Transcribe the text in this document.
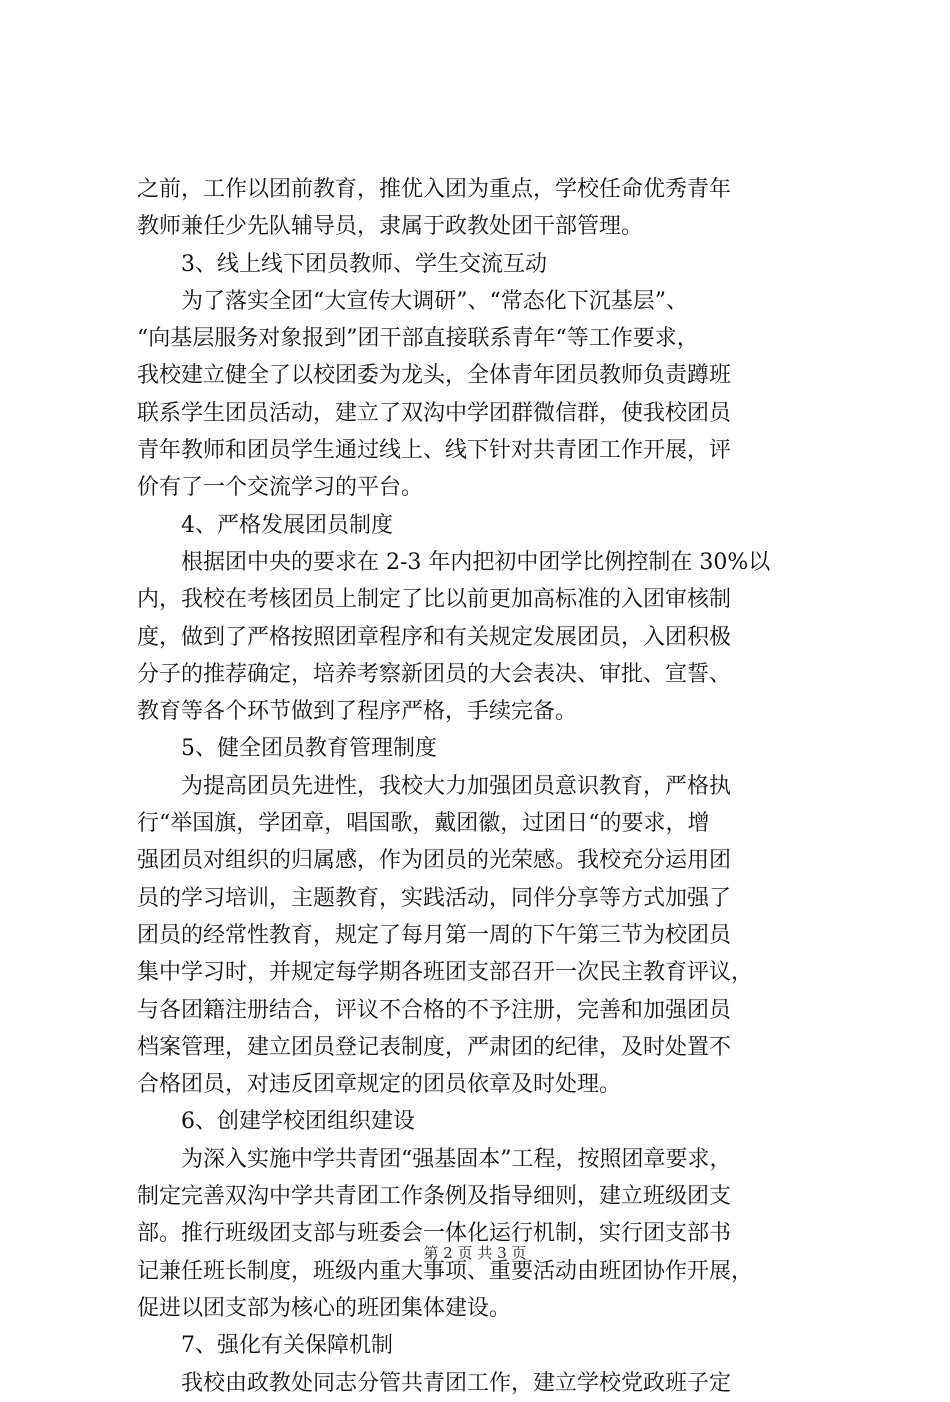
之前，工作以团前教育，推优入团为重点，学校任命优秀青年
教师兼任少先队辅导员，隶属于政教处团干部管理。
3、线上线下团员教师、学生交流互动
为了落实全团“大宣传大调研”、“常态化下沉基层”、
“向基层服务对象报到”团干部直接联系青年“等工作要求，
我校建立健全了以校团委为龙头，全体青年团员教师负责蹲班
联系学生团员活动，建立了双沟中学团群微信群，使我校团员
青年教师和团员学生通过线上、线下针对共青团工作开展，评
价有了一个交流学习的平台。
4、严格发展团员制度
根据团中央的要求在 2-3 年内把初中团学比例控制在 30%以
内，我校在考核团员上制定了比以前更加高标准的入团审核制
度，做到了严格按照团章程序和有关规定发展团员，入团积极
分子的推荐确定，培养考察新团员的大会表决、审批、宣誓、
教育等各个环节做到了程序严格，手续完备。
5、健全团员教育管理制度
为提高团员先进性，我校大力加强团员意识教育，严格执
行“举国旗，学团章，唱国歌，戴团徽，过团日“的要求，增
强团员对组织的归属感，作为团员的光荣感。我校充分运用团
员的学习培训，主题教育，实践活动，同伴分享等方式加强了
团员的经常性教育，规定了每月第一周的下午第三节为校团员
集中学习时，并规定每学期各班团支部召开一次民主教育评议，
与各团籍注册结合，评议不合格的不予注册，完善和加强团员
档案管理，建立团员登记表制度，严肃团的纪律，及时处置不
合格团员，对违反团章规定的团员依章及时处理。
6、创建学校团组织建设
为深入实施中学共青团“强基固本”工程，按照团章要求，
制定完善双沟中学共青团工作条例及指导细则，建立班级团支
部。推行班级团支部与班委会一体化运行机制，实行团支部书
记兼任班长制度，班级内重大事项、重要活动由班团协作开展，
促进以团支部为核心的班团集体建设。
7、强化有关保障机制
我校由政教处同志分管共青团工作，建立学校党政班子定
第 2 页 共 3 页
